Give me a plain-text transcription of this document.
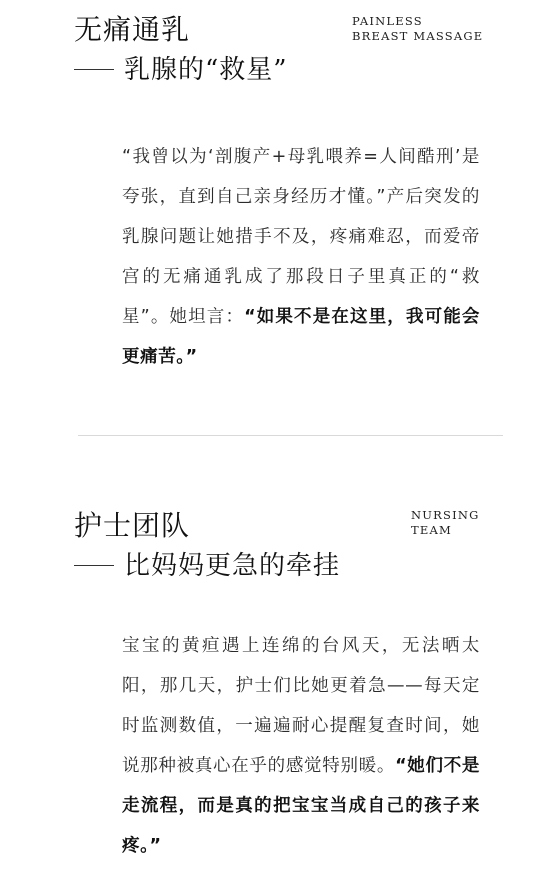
无痛通乳	PAINLESS
BREAST MASSAGE
乳腺的“救星”

“我曾以为‘剖腹产+母乳喂养=人间酷刑’是夸张，直到自己亲身经历才懂。”产后突发的乳腺问题让她措手不及，疼痛难忍，而爱帝宫的无痛通乳成了那段日子里真正的“救星”。她坦言：“如果不是在这里，我可能会更痛苦。”

护士团队	NURSING
TEAM
比妈妈更急的牵挂

宝宝的黄疸遇上连绵的台风天，无法晒太阳，那几天，护士们比她更着急——每天定时监测数值，一遍遍耐心提醒复查时间，她说那种被真心在乎的感觉特别暖。“她们不是走流程，而是真的把宝宝当成自己的孩子来疼。”
